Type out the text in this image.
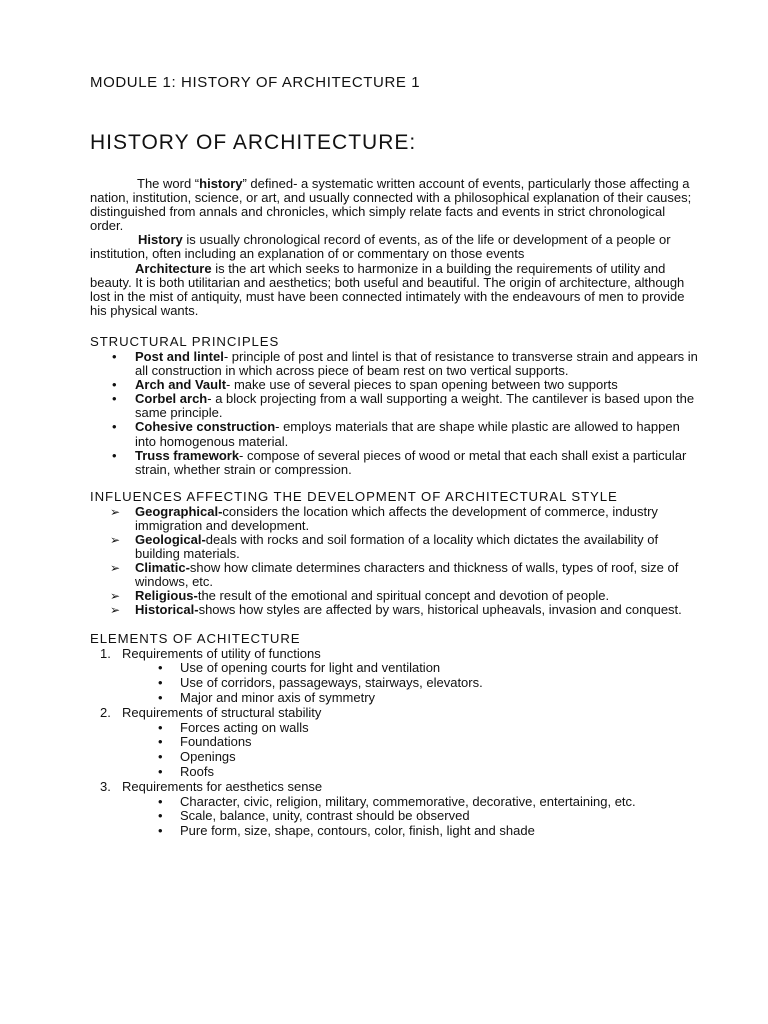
MODULE 1: HISTORY OF ARCHITECTURE 1
HISTORY OF ARCHITECTURE:

The word “history” defined- a systematic written account of events, particularly those affecting a nation, institution, science, or art, and usually connected with a philosophical explanation of their causes; distinguished from annals and chronicles, which simply relate facts and events in strict chronological order.

History is usually chronological record of events, as of the life or development of a people or institution, often including an explanation of or commentary on those events

Architecture is the art which seeks to harmonize in a building the requirements of utility and beauty. It is both utilitarian and aesthetics; both useful and beautiful. The origin of architecture, although lost in the mist of antiquity, must have been connected intimately with the endeavours of men to provide his physical wants.

STRUCTURAL PRINCIPLES
• Post and lintel- principle of post and lintel is that of resistance to transverse strain and appears in all construction in which across piece of beam rest on two vertical supports.
• Arch and Vault- make use of several pieces to span opening between two supports
• Corbel arch- a block projecting from a wall supporting a weight. The cantilever is based upon the same principle.
• Cohesive construction- employs materials that are shape while plastic are allowed to happen into homogenous material.
• Truss framework- compose of several pieces of wood or metal that each shall exist a particular strain, whether strain or compression.
INFLUENCES AFFECTING THE DEVELOPMENT OF ARCHITECTURAL STYLE
➢ Geographical-considers the location which affects the development of commerce, industry immigration and development.
➢ Geological-deals with rocks and soil formation of a locality which dictates the availability of building materials.
➢ Climatic-show how climate determines characters and thickness of walls, types of roof, size of windows, etc.
➢ Religious-the result of the emotional and spiritual concept and devotion of people.
➢ Historical-shows how styles are affected by wars, historical upheavals, invasion and conquest.
ELEMENTS OF ACHITECTURE
1. Requirements of utility of functions
• Use of opening courts for light and ventilation
• Use of corridors, passageways, stairways, elevators.
• Major and minor axis of symmetry
2. Requirements of structural stability
• Forces acting on walls
• Foundations
• Openings
• Roofs
3. Requirements for aesthetics sense
• Character, civic, religion, military, commemorative, decorative, entertaining, etc.
• Scale, balance, unity, contrast should be observed
• Pure form, size, shape, contours, color, finish, light and shade
